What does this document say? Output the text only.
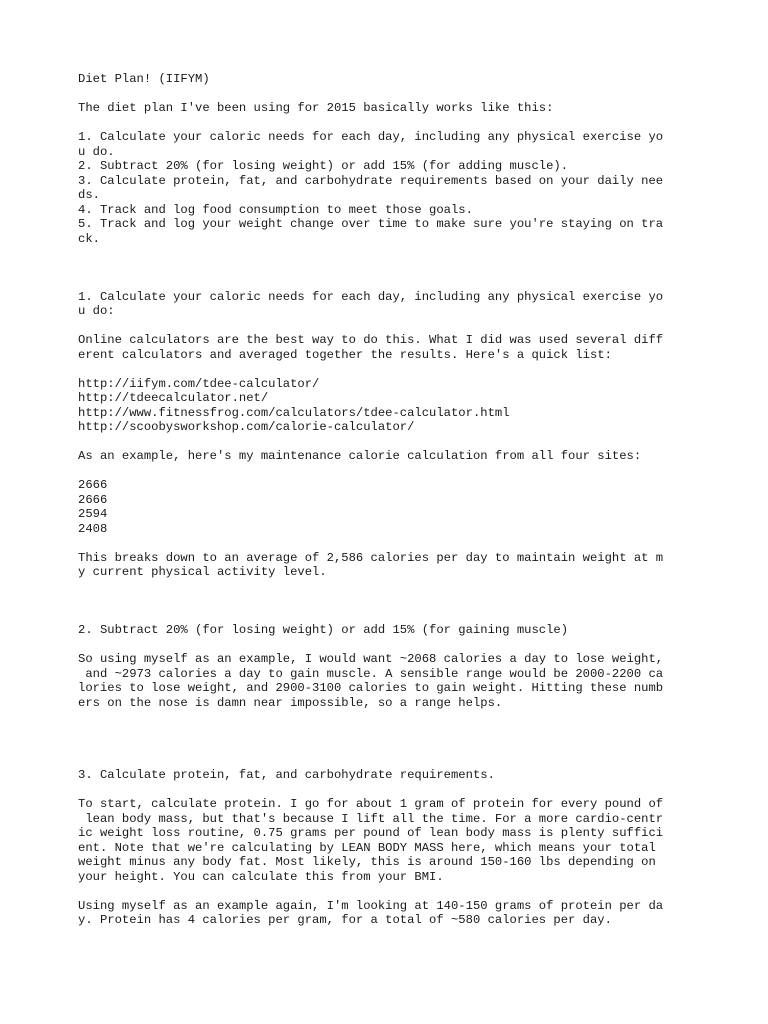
Diet Plan! (IIFYM)
The diet plan I've been using for 2015 basically works like this:
1. Calculate your caloric needs for each day, including any physical exercise yo
u do.
2. Subtract 20% (for losing weight) or add 15% (for adding muscle).
3. Calculate protein, fat, and carbohydrate requirements based on your daily nee
ds.
4. Track and log food consumption to meet those goals.
5. Track and log your weight change over time to make sure you're staying on tra
ck.
1. Calculate your caloric needs for each day, including any physical exercise yo
u do:
Online calculators are the best way to do this. What I did was used several diff
erent calculators and averaged together the results. Here's a quick list:
http://iifym.com/tdee-calculator/
http://tdeecalculator.net/
http://www.fitnessfrog.com/calculators/tdee-calculator.html
http://scoobysworkshop.com/calorie-calculator/
As an example, here's my maintenance calorie calculation from all four sites:
2666
2666
2594
2408
This breaks down to an average of 2,586 calories per day to maintain weight at m
y current physical activity level.
2. Subtract 20% (for losing weight) or add 15% (for gaining muscle)
So using myself as an example, I would want ~2068 calories a day to lose weight,
and ~2973 calories a day to gain muscle. A sensible range would be 2000-2200 ca
lories to lose weight, and 2900-3100 calories to gain weight. Hitting these numb
ers on the nose is damn near impossible, so a range helps.
3. Calculate protein, fat, and carbohydrate requirements.
To start, calculate protein. I go for about 1 gram of protein for every pound of
lean body mass, but that's because I lift all the time. For a more cardio-centr
ic weight loss routine, 0.75 grams per pound of lean body mass is plenty suffici
ent. Note that we're calculating by LEAN BODY MASS here, which means your total
weight minus any body fat. Most likely, this is around 150-160 lbs depending on
your height. You can calculate this from your BMI.
Using myself as an example again, I'm looking at 140-150 grams of protein per da
y. Protein has 4 calories per gram, for a total of ~580 calories per day.
